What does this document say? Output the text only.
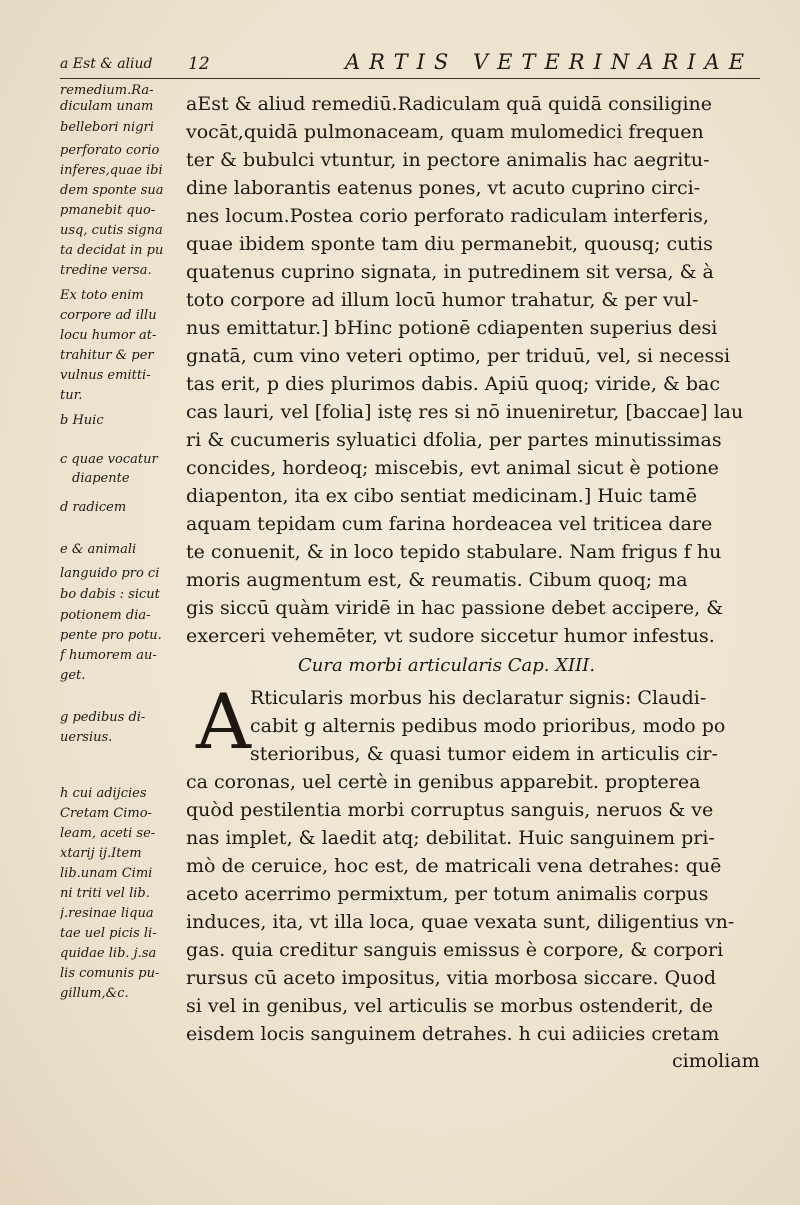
a Est & aliud 12	ARTIS VETERINARIAE
remedium.Ra-
diculam unam
bellebori nigri
perforato corio
inferes,quae ibi
dem sponte sua
pmanebit quo-
usq, cutis signa
ta decidat in pu
tredine versa.
Ex toto enim
corpore ad illu
locu humor at-
trahitur & per
vulnus emitti-
tur.
b Huic
c quae vocatur
diapente
d radicem
e & animali
languido pro ci
bo dabis : sicut
potionem dia-
pente pro potu.
f humorem au-
get.
g pedibus di-
uersius.
h cui adijcies
Cretam Cimo-
leam, aceti se-
xtarij ij.Item
lib.unam Cimi
ni triti vel lib.
j.resinae liqua
tae uel picis li-
quidae lib. j.sa
lis comunis pu-
gillum,&c.
aEst & aliud remediū.Radiculam quā quidā consiligine
vocāt,quidā pulmonaceam, quam mulomedici frequen
ter & bubulci vtuntur, in pectore animalis hac aegritu-
dine laborantis eatenus pones, vt acuto cuprino circi-
nes locum.Postea corio perforato radiculam interferis,
quae ibidem sponte tam diu permanebit, quousq; cutis
quatenus cuprino signata, in putredinem sit versa, & à
toto corpore ad illum locū humor trahatur, & per vul-
nus emittatur.] bHinc potionē cdiapenten superius desi
gnatā, cum vino veteri optimo, per triduū, vel, si necessi
tas erit, p dies plurimos dabis. Apiū quoq; viride, & bac
cas lauri, vel [folia] istę res si nō inueniretur, [baccae] lau
ri & cucumeris syluatici dfolia, per partes minutissimas
concides, hordeoq; miscebis, evt animal sicut è potione
diapenton, ita ex cibo sentiat medicinam.] Huic tamē
aquam tepidam cum farina hordeacea vel triticea dare
te conuenit, & in loco tepido stabulare. Nam frigus f hu
moris augmentum est, & reumatis. Cibum quoq; ma
gis siccū quàm viridē in hac passione debet accipere, &
exerceri vehemēter, vt sudore siccetur humor infestus.
Cura morbi articularis Cap. XIII.
A Rticularis morbus his declaratur signis: Claudi-
cabit g alternis pedibus modo prioribus, modo po
sterioribus, & quasi tumor eidem in articulis cir-
ca coronas, uel certè in genibus apparebit. propterea
quòd pestilentia morbi corruptus sanguis, neruos & ve
nas implet, & laedit atq; debilitat. Huic sanguinem pri-
mò de ceruice, hoc est, de matricali vena detrahes: quē
aceto acerrimo permixtum, per totum animalis corpus
induces, ita, vt illa loca, quae vexata sunt, diligentius vn-
gas. quia creditur sanguis emissus è corpore, & corpori
rursus cū aceto impositus, vitia morbosa siccare. Quod
si vel in genibus, vel articulis se morbus ostenderit, de
eisdem locis sanguinem detrahes. h cui adiicies cretam
cimoliam
